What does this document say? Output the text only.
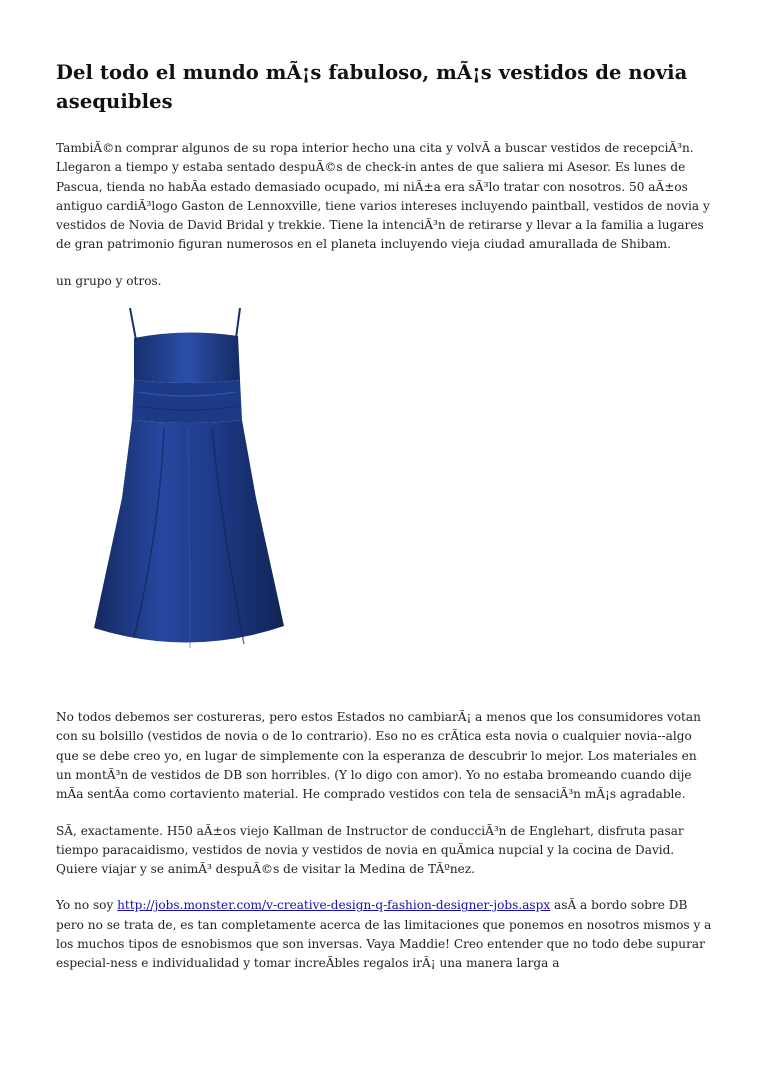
Del todo el mundo mÃ¡s fabuloso, mÃ¡s vestidos de novia asequibles

TambiÃ©n comprar algunos de su ropa interior hecho una cita y volvÃ a buscar vestidos de recepciÃ³n. Llegaron a tiempo y estaba sentado despuÃ©s de check-in antes de que saliera mi Asesor. Es lunes de Pascua, tienda no habÃa estado demasiado ocupado, mi niÃ±a era sÃ³lo tratar con nosotros. 50 aÃ±os antiguo cardiÃ³logo Gaston de Lennoxville, tiene varios intereses incluyendo paintball, vestidos de novia y vestidos de Novia de David Bridal y trekkie. Tiene la intenciÃ³n de retirarse y llevar a la familia a lugares de gran patrimonio figuran numerosos en el planeta incluyendo vieja ciudad amurallada de Shibam.

un grupo y otros.

No todos debemos ser costureras, pero estos Estados no cambiarÃ¡ a menos que los consumidores votan con su bolsillo (vestidos de novia o de lo contrario). Eso no es crÃtica esta novia o cualquier novia--algo que se debe creo yo, en lugar de simplemente con la esperanza de descubrir lo mejor. Los materiales en un montÃ³n de vestidos de DB son horribles. (Y lo digo con amor). Yo no estaba bromeando cuando dije mÃa sentÃa como cortaviento material. He comprado vestidos con tela de sensaciÃ³n mÃ¡s agradable.

SÃ, exactamente. H50 aÃ±os viejo Kallman de Instructor de conducciÃ³n de Englehart, disfruta pasar tiempo paracaidismo, vestidos de novia y vestidos de novia en quÃmica nupcial y la cocina de David. Quiere viajar y se animÃ³ despuÃ©s de visitar la Medina de TÃºnez.

Yo no soy http://jobs.monster.com/v-creative-design-q-fashion-designer-jobs.aspx asÃ a bordo sobre DB pero no se trata de, es tan completamente acerca de las limitaciones que ponemos en nosotros mismos y a los muchos tipos de esnobismos que son inversas. Vaya Maddie! Creo entender que no todo debe supurar especial-ness e individualidad y tomar increÃbles regalos irÃ¡ una manera larga a
